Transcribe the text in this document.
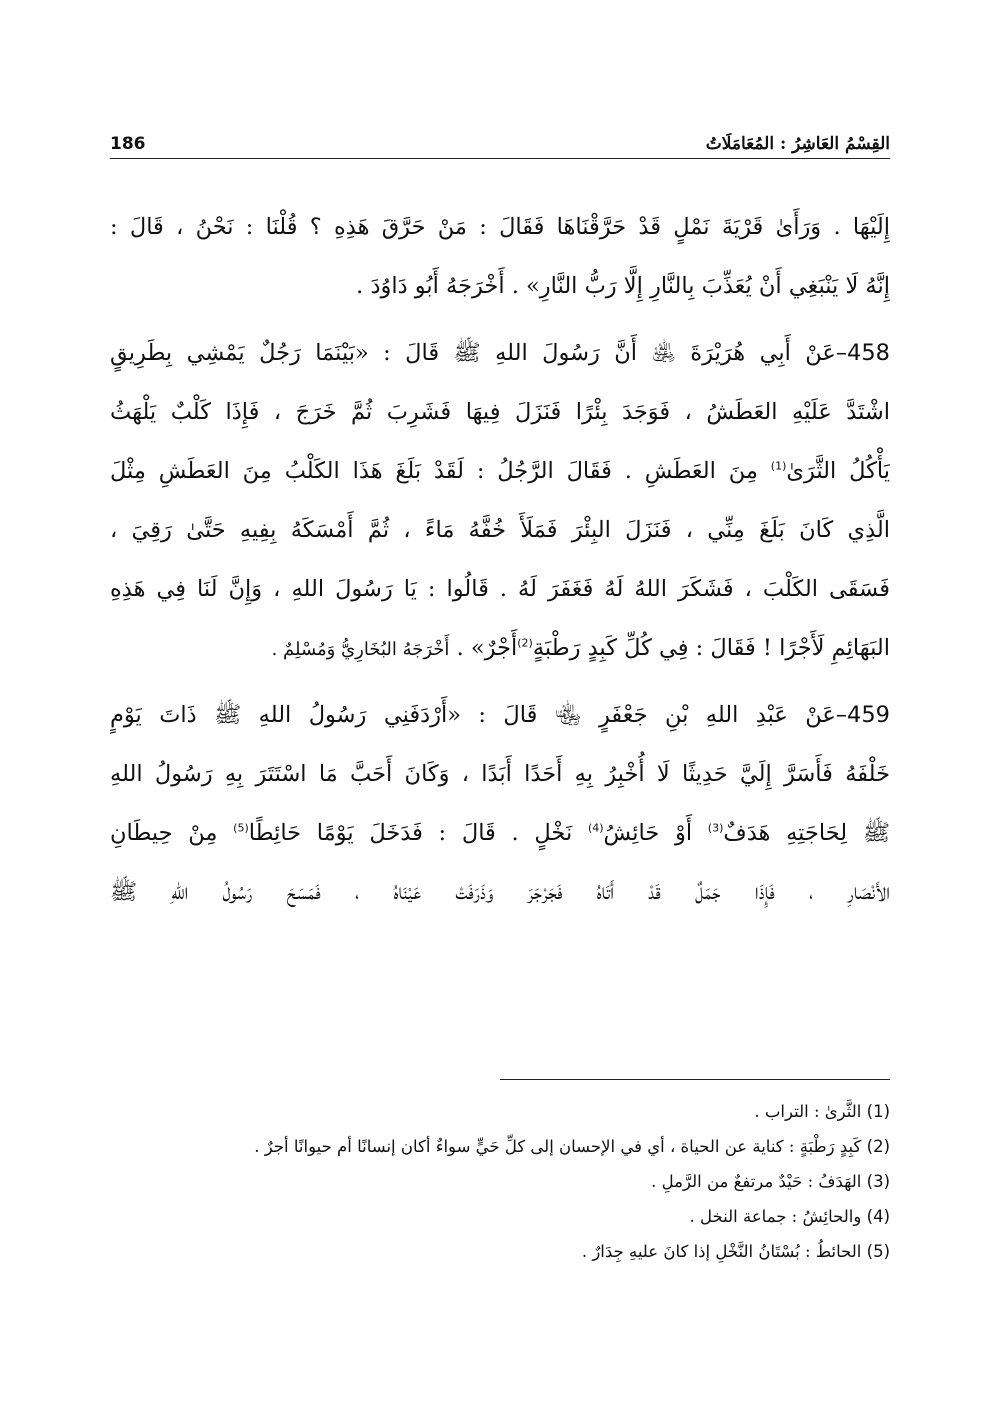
186	القِسْمُ العَاشِرُ : المُعَامَلَاتُ
إِلَيْهَا . وَرَأَىٰ قَرْيَةَ نَمْلٍ قَدْ حَرَّقْنَاهَا فَقَالَ : مَنْ حَرَّقَ هَذِهِ ؟ قُلْنَا : نَحْنُ ، قَالَ :
إِنَّهُ لَا يَنْبَغِي أَنْ يُعَذِّبَ بِالنَّارِ إِلَّا رَبُّ النَّارِ» . أَخْرَجَهُ أَبُو دَاوُدَ .
458–عَنْ أَبِي هُرَيْرَةَ ﵁ أَنَّ رَسُولَ اللهِ ﷺ قَالَ : «بَيْنَمَا رَجُلٌ يَمْشِي بِطَرِيقٍ
اشْتَدَّ عَلَيْهِ العَطَشُ ، فَوَجَدَ بِئْرًا فَنَزَلَ فِيهَا فَشَرِبَ ثُمَّ خَرَجَ ، فَإِذَا كَلْبٌ يَلْهَثُ
يَأْكُلُ الثَّرَىٰ$^{(1)}$ مِنَ العَطَشِ . فَقَالَ الرَّجُلُ : لَقَدْ بَلَغَ هَذَا الكَلْبُ مِنَ العَطَشِ مِثْلَ
الَّذِي كَانَ بَلَغَ مِنِّي ، فَنَزَلَ البِئْرَ فَمَلَأَ خُفَّهُ مَاءً ، ثُمَّ أَمْسَكَهُ بِفِيهِ حَتَّىٰ رَقِيَ ،
فَسَقَى الكَلْبَ ، فَشَكَرَ اللهُ لَهُ فَغَفَرَ لَهُ . قَالُوا : يَا رَسُولَ اللهِ ، وَإِنَّ لَنَا فِي هَذِهِ
البَهَائِمِ لَأَجْرًا ! فَقَالَ : فِي كُلِّ كَبِدٍ رَطْبَةٍ$^{(2)}$أَجْرٌ» . أَخْرَجَهُ البُخَارِيُّ وَمُسْلِمٌ .
459–عَنْ عَبْدِ اللهِ بْنِ جَعْفَرٍ ﵄ قَالَ : «أَرْدَفَنِي رَسُولُ اللهِ ﷺ ذَاتَ يَوْمٍ
خَلْفَهُ فَأَسَرَّ إِلَيَّ حَدِيثًا لَا أُخْبِرُ بِهِ أَحَدًا أَبَدًا ، وَكَانَ أَحَبَّ مَا اسْتَتَرَ بِهِ رَسُولُ اللهِ
ﷺ لِحَاجَتِهِ هَدَفٌ$^{(3)}$ أَوْ حَائِشُ$^{(4)}$ نَخْلٍ . قَالَ : فَدَخَلَ يَوْمًا حَائِطًا$^{(5)}$ مِنْ حِيطَانِ
الأَنْصَارِ ، فَإِذَا جَمَلٌ قَدْ أَتَاهُ فَجَرْجَرَ وَذَرَفَتْ عَيْنَاهُ ، فَمَسَحَ رَسُولُ اللهِ ﷺ
(1) الثَّرىٰ : التراب .
(2) كَبِدٍ رَطْبَةٍ : كناية عن الحياة ، أي في الإحسان إلى كلِّ حَيٍّ سواءٌ أكان إنسانًا أم حيوانًا أجرٌ .
(3) الهَدَفُ : حَيْدٌ مرتفعٌ من الرَّملِ .
(4) والحائِشُ : جماعة النخل .
(5) الحائطُ : بُسْتَانُ النَّخْلِ إذا كانَ عليهِ جِدَارٌ .
